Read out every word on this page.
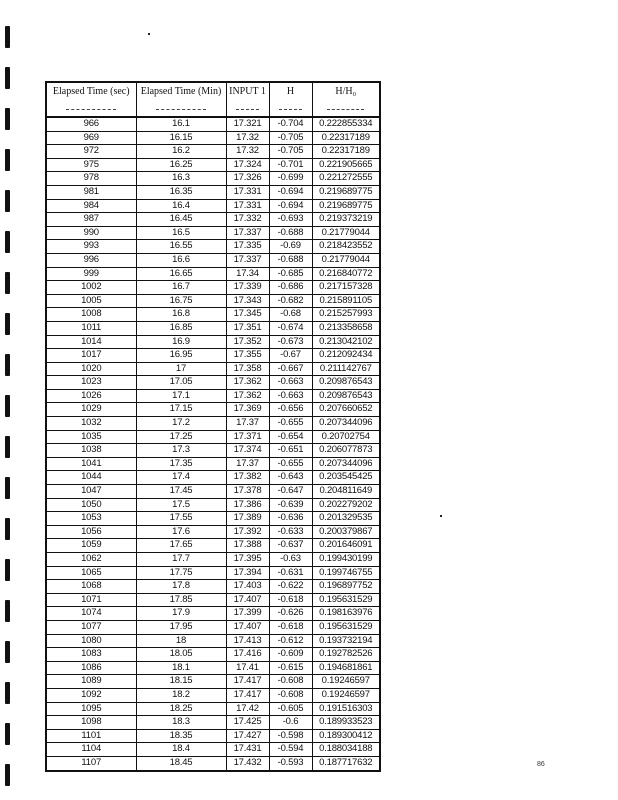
Elapsed Time (sec)	Elapsed Time (Min)	INPUT 1	H	H/H₀

966	16.1	17.321	-0.704	0.222855334
969	16.15	17.32	-0.705	0.22317189
972	16.2	17.32	-0.705	0.22317189
975	16.25	17.324	-0.701	0.221905665
978	16.3	17.326	-0.699	0.221272555
981	16.35	17.331	-0.694	0.219689775
984	16.4	17.331	-0.694	0.219689775
987	16.45	17.332	-0.693	0.219373219
990	16.5	17.337	-0.688	0.21779044
993	16.55	17.335	-0.69	0.218423552
996	16.6	17.337	-0.688	0.21779044
999	16.65	17.34	-0.685	0.216840772
1002	16.7	17.339	-0.686	0.217157328
1005	16.75	17.343	-0.682	0.215891105
1008	16.8	17.345	-0.68	0.215257993
1011	16.85	17.351	-0.674	0.213358658
1014	16.9	17.352	-0.673	0.213042102
1017	16.95	17.355	-0.67	0.212092434
1020	17	17.358	-0.667	0.211142767
1023	17.05	17.362	-0.663	0.209876543
1026	17.1	17.362	-0.663	0.209876543
1029	17.15	17.369	-0.656	0.207660652
1032	17.2	17.37	-0.655	0.207344096
1035	17.25	17.371	-0.654	0.20702754
1038	17.3	17.374	-0.651	0.206077873
1041	17.35	17.37	-0.655	0.207344096
1044	17.4	17.382	-0.643	0.203545425
1047	17.45	17.378	-0.647	0.204811649
1050	17.5	17.386	-0.639	0.202279202
1053	17.55	17.389	-0.636	0.201329535
1056	17.6	17.392	-0.633	0.200379867
1059	17.65	17.388	-0.637	0.201646091
1062	17.7	17.395	-0.63	0.199430199
1065	17.75	17.394	-0.631	0.199746755
1068	17.8	17.403	-0.622	0.196897752
1071	17.85	17.407	-0.618	0.195631529
1074	17.9	17.399	-0.626	0.198163976
1077	17.95	17.407	-0.618	0.195631529
1080	18	17.413	-0.612	0.193732194
1083	18.05	17.416	-0.609	0.192782526
1086	18.1	17.41	-0.615	0.194681861
1089	18.15	17.417	-0.608	0.19246597
1092	18.2	17.417	-0.608	0.19246597
1095	18.25	17.42	-0.605	0.191516303
1098	18.3	17.425	-0.6	0.189933523
1101	18.35	17.427	-0.598	0.189300412
1104	18.4	17.431	-0.594	0.188034188
1107	18.45	17.432	-0.593	0.187717632	86
